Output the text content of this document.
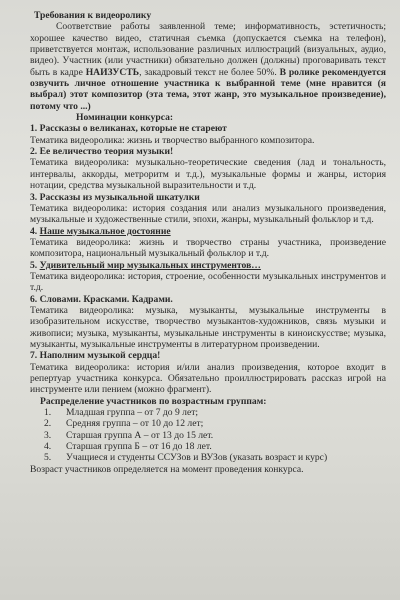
Требования к видеоролику

Соответствие работы заявленной теме; информативность, эстетичность; хорошее качество видео, статичная съемка (допускается съемка на телефон), приветствуется монтаж, использование различных иллюстраций (визуальных, аудио, видео). Участник (или участники) обязательно должен (должны) проговаривать текст быть в кадре НАИЗУСТЬ, закадровый текст не более 50%. В ролике рекомендуется озвучить личное отношение участника к выбранной теме (мне нравится (я выбрал) этот композитор (эта тема, этот жанр, это музыкальное произведение), потому что ...)

Номинации конкурса:

1. Рассказы о великанах, которые не стареют

Тематика видеоролика: жизнь и творчество выбранного композитора.

2. Ее величество теория музыки!

Тематика видеоролика: музыкально-теоретические сведения (лад и тональность, интервалы, аккорды, метроритм и т.д.), музыкальные формы и жанры, история нотации, средства музыкальной выразительности и т.д.

3. Рассказы из музыкальной шкатулки

Тематика видеоролика: история создания или анализ музыкального произведения, музыкальные и художественные стили, эпохи, жанры, музыкальный фольклор и т.д.

4. Наше музыкальное достояние

Тематика видеоролика: жизнь и творчество страны участника, произведение композитора, национальный музыкальный фольклор и т.д.

5. Удивительный мир музыкальных инструментов…

Тематика видеоролика: история, строение, особенности музыкальных инструментов и т.д.

6. Словами. Красками. Кадрами.

Тематика видеоролика: музыка, музыканты, музыкальные инструменты в изобразительном искусстве, творчество музыкантов-художников, связь музыки и живописи; музыка, музыканты, музыкальные инструменты в киноискусстве; музыка, музыканты, музыкальные инструменты в литературном произведении.

7. Наполним музыкой сердца!

Тематика видеоролика: история и/или анализ произведения, которое входит в репертуар участника конкурса. Обязательно проиллюстрировать рассказ игрой на инструменте или пением (можно фрагмент).

Распределение участников по возрастным группам:

1.	Младшая группа – от 7 до 9 лет;

2.	Средняя группа – от 10 до 12 лет;

3.	Старшая группа А – от 13 до 15 лет.

4.	Старшая группа Б – от 16 до 18 лет.

5.	Учащиеся и студенты ССУЗов и ВУЗов (указать возраст и курс)

Возраст участников определяется на момент проведения конкурса.
